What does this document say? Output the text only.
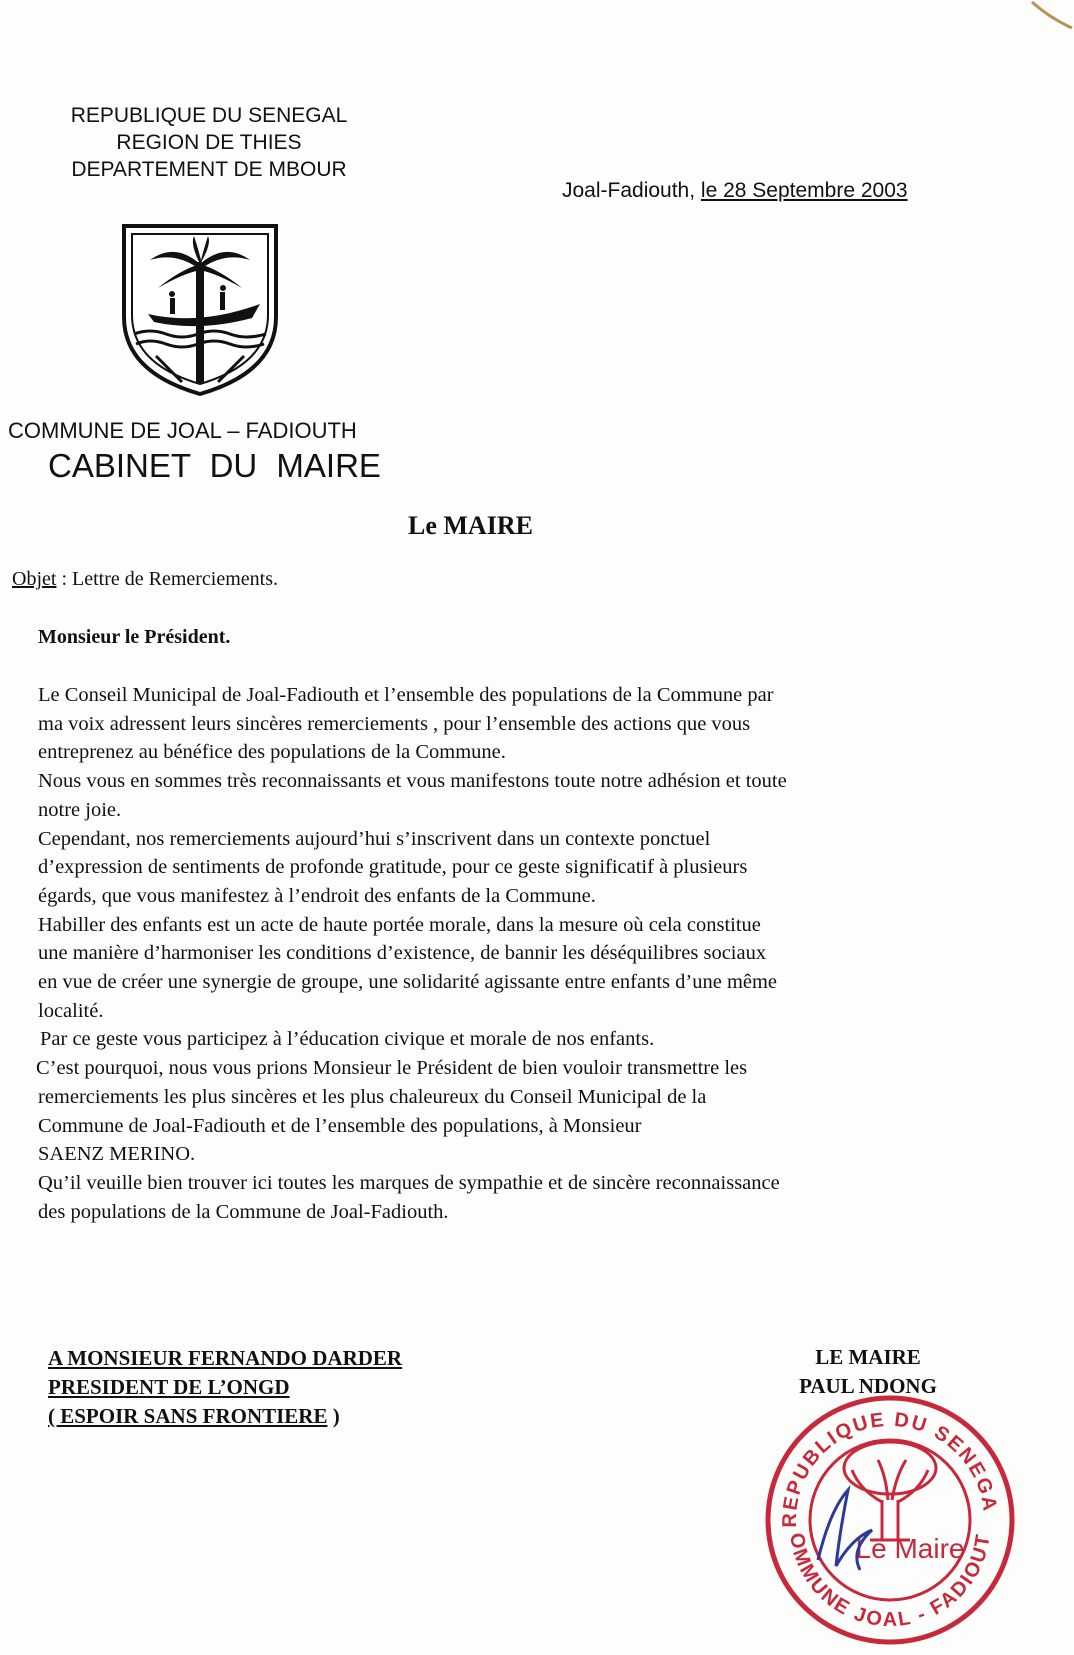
REPUBLIQUE DU SENEGAL
REGION DE THIES
DEPARTEMENT DE MBOUR
Joal-Fadiouth, le 28 Septembre 2003
COMMUNE DE JOAL – FADIOUTH
CABINET DU MAIRE
Le MAIRE
Objet : Lettre de Remerciements.
Monsieur le Président.

Le Conseil Municipal de Joal-Fadiouth et l’ensemble des populations de la Commune par

ma voix adressent leurs sincères remerciements , pour l’ensemble des actions que vous

entreprenez au bénéfice des populations de la Commune.

Nous vous en sommes très reconnaissants et vous manifestons toute notre adhésion et toute

notre joie.

Cependant, nos remerciements aujourd’hui s’inscrivent dans un contexte ponctuel

d’expression de sentiments de profonde gratitude, pour ce geste significatif à plusieurs

égards, que vous manifestez à l’endroit des enfants de la Commune.

Habiller des enfants est un acte de haute portée morale, dans la mesure où cela constitue

une manière d’harmoniser les conditions d’existence, de bannir les déséquilibres sociaux

en vue de créer une synergie de groupe, une solidarité agissante entre enfants d’une même

localité.

Par ce geste vous participez à l’éducation civique et morale de nos enfants.

C’est pourquoi, nous vous prions Monsieur le Président de bien vouloir transmettre les

remerciements les plus sincères et les plus chaleureux du Conseil Municipal de la

Commune de Joal-Fadiouth et de l’ensemble des populations, à Monsieur

SAENZ MERINO.

Qu’il veuille bien trouver ici toutes les marques de sympathie et de sincère reconnaissance

des populations de la Commune de Joal-Fadiouth.

A MONSIEUR FERNANDO DARDER
PRESIDENT DE L’ONGD
( ESPOIR SANS FRONTIERE )
LE MAIRE
PAUL NDONG
REPUBLIQUE DU SENEGA
OMMUNE JOAL - FADIOUT
Le Maire
